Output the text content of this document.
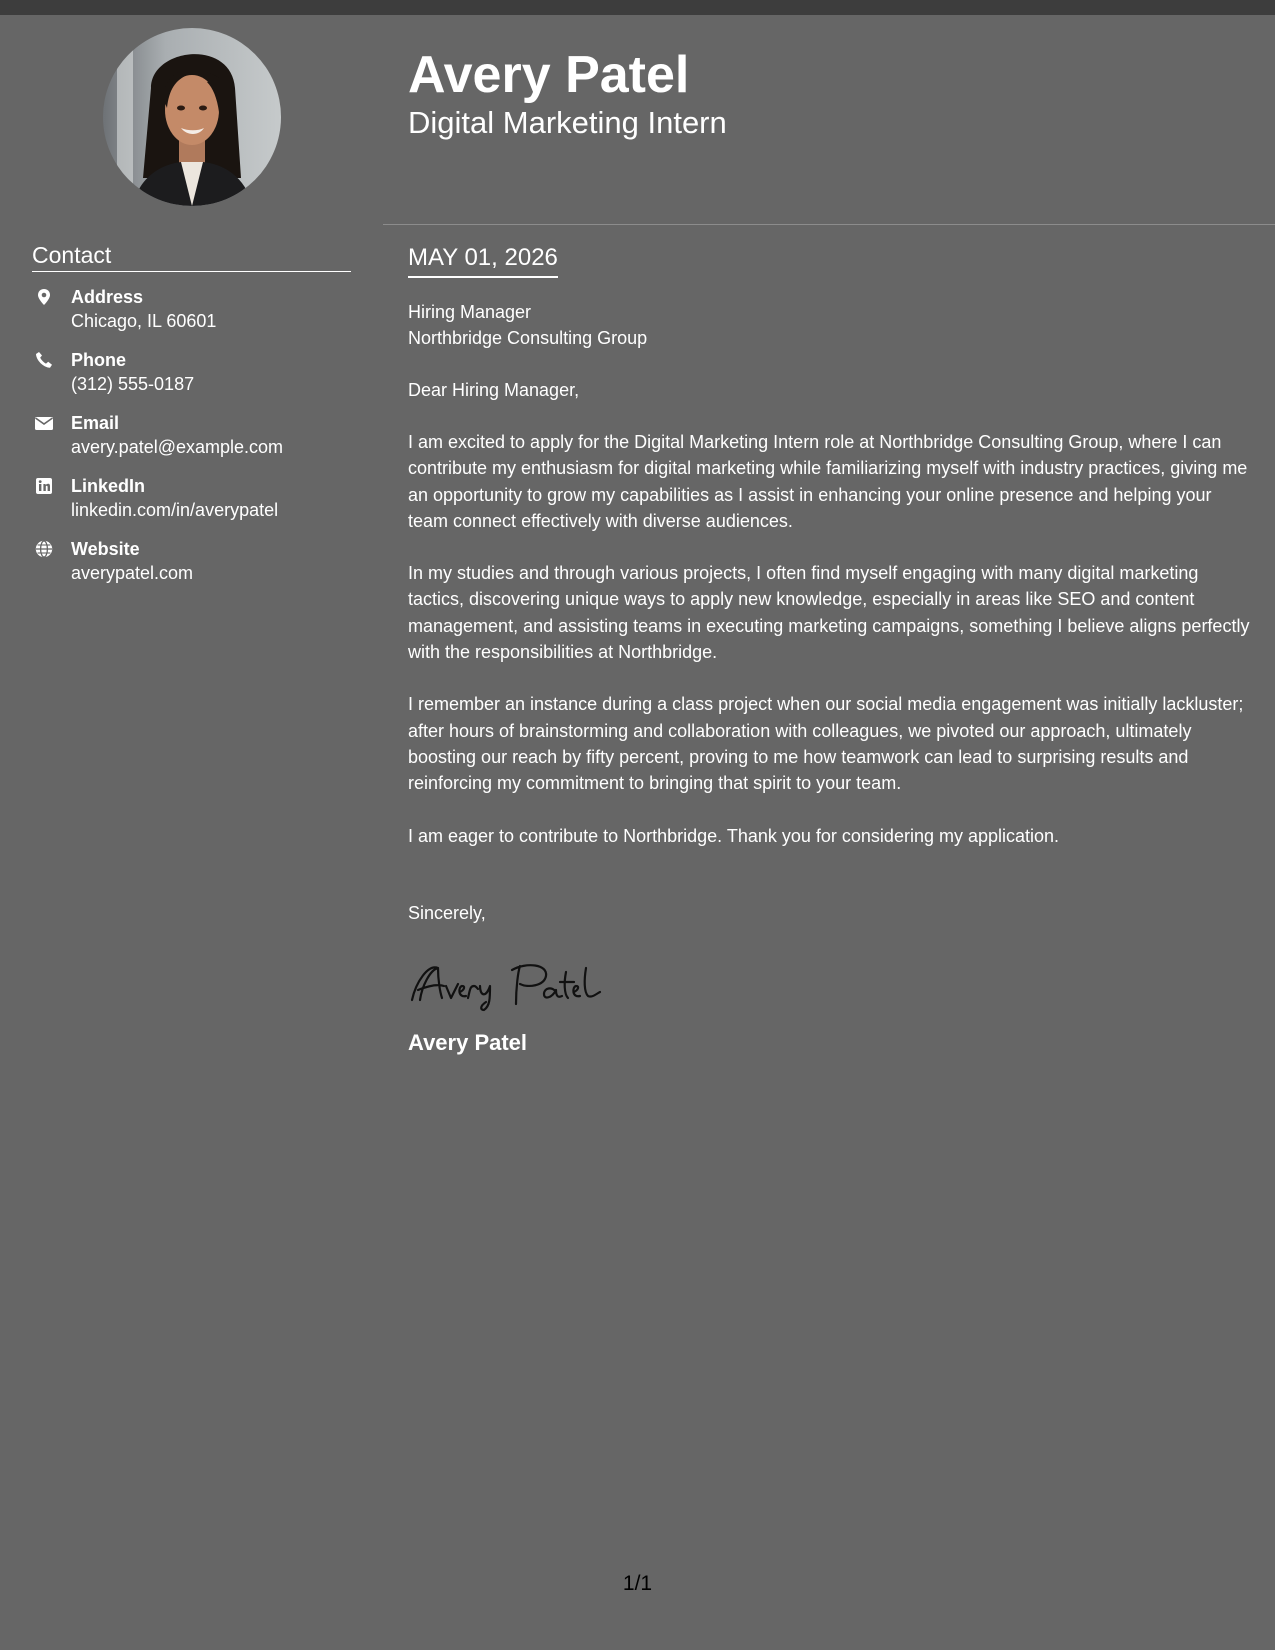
Contact
Address
Chicago, IL 60601
Phone
(312) 555-0187
Email
avery.patel@example.com
LinkedIn
linkedin.com/in/averypatel
Website
averypatel.com
Avery Patel
Digital Marketing Intern
MAY 01, 2026
Hiring Manager
Northbridge Consulting Group
Dear Hiring Manager,

I am excited to apply for the Digital Marketing Intern role at Northbridge Consulting Group, where I can contribute my enthusiasm for digital marketing while familiarizing myself with industry practices, giving me an opportunity to grow my capabilities as I assist in enhancing your online presence and helping your team connect effectively with diverse audiences.

In my studies and through various projects, I often find myself engaging with many digital marketing tactics, discovering unique ways to apply new knowledge, especially in areas like SEO and content management, and assisting teams in executing marketing campaigns, something I believe aligns perfectly with the responsibilities at Northbridge.

I remember an instance during a class project when our social media engagement was initially lackluster; after hours of brainstorming and collaboration with colleagues, we pivoted our approach, ultimately boosting our reach by fifty percent, proving to me how teamwork can lead to surprising results and reinforcing my commitment to bringing that spirit to your team.

I am eager to contribute to Northbridge. Thank you for considering my application.

Sincerely,
Avery Patel
1/1
